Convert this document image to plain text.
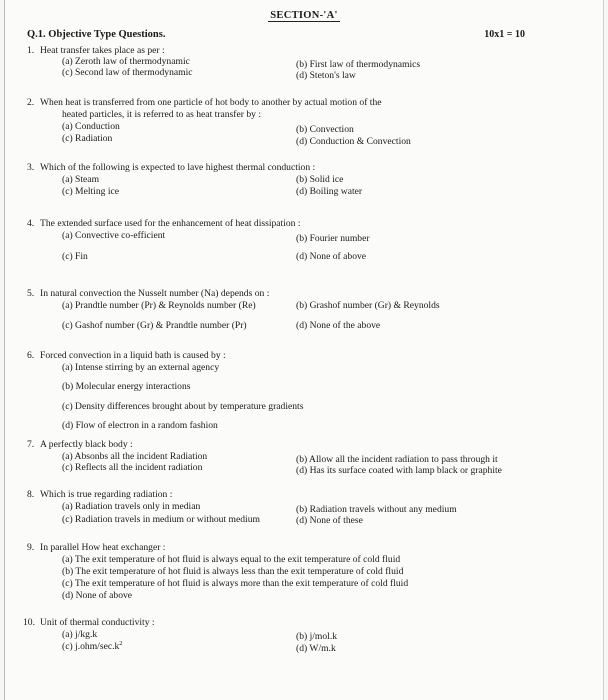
SECTION-'A'
Q.1. Objective Type Questions.	10x1 = 10
1. Heat transfer takes place as per :
(a) Zeroth law of thermodynamic	(b) First law of thermodynamics
(c) Second law of thermodynamic	(d) Steton's law
2. When heat is transferred from one particle of hot body to another by actual motion of the
heated particles, it is referred to as heat transfer by :
(a) Conduction	(b) Convection
(c) Radiation	(d) Conduction & Convection
3. Which of the following is expected to lave highest thermal conduction :
(a) Steam	(b) Solid ice
(c) Melting ice	(d) Boiling water
4. The extended surface used for the enhancement of heat dissipation :
(a) Convective co-efficient	(b) Fourier number
(c) Fin	(d) None of above
5. In natural convection the Nusselt number (Na) depends on :
(a) Prandtle number (Pr) & Reynolds number (Re)	(b) Grashof number (Gr) & Reynolds
(c) Gashof number (Gr) & Prandtle number (Pr)	(d) None of the above
6. Forced convection in a liquid bath is caused by :
(a) Intense stirring by an external agency
(b) Molecular energy interactions
(c) Density differences brought about by temperature gradients
(d) Flow of electron in a random fashion
7. A perfectly black body :
(a) Absonbs all the incident Radiation	(b) Allow all the incident radiation to pass through it
(c) Reflects all the incident radiation	(d) Has its surface coated with lamp black or graphite
8. Which is true regarding radiation :
(a) Radiation travels only in median	(b) Radiation travels without any medium
(c) Radiation travels in medium or without medium	(d) None of these
9. In parallel How heat exchanger :
(a) The exit temperature of hot fluid is always equal to the exit temperature of cold fluid
(b) The exit temperature of hot fluid is always less than the exit temperature of cold fluid
(c) The exit temperature of hot fluid is always more than the exit temperature of cold fluid
(d) None of above
10. Unit of thermal conductivity :
(a) j/kg.k	(b) j/mol.k
(c) $j.ohm/\sec.k^2$	(d) W/m.k
